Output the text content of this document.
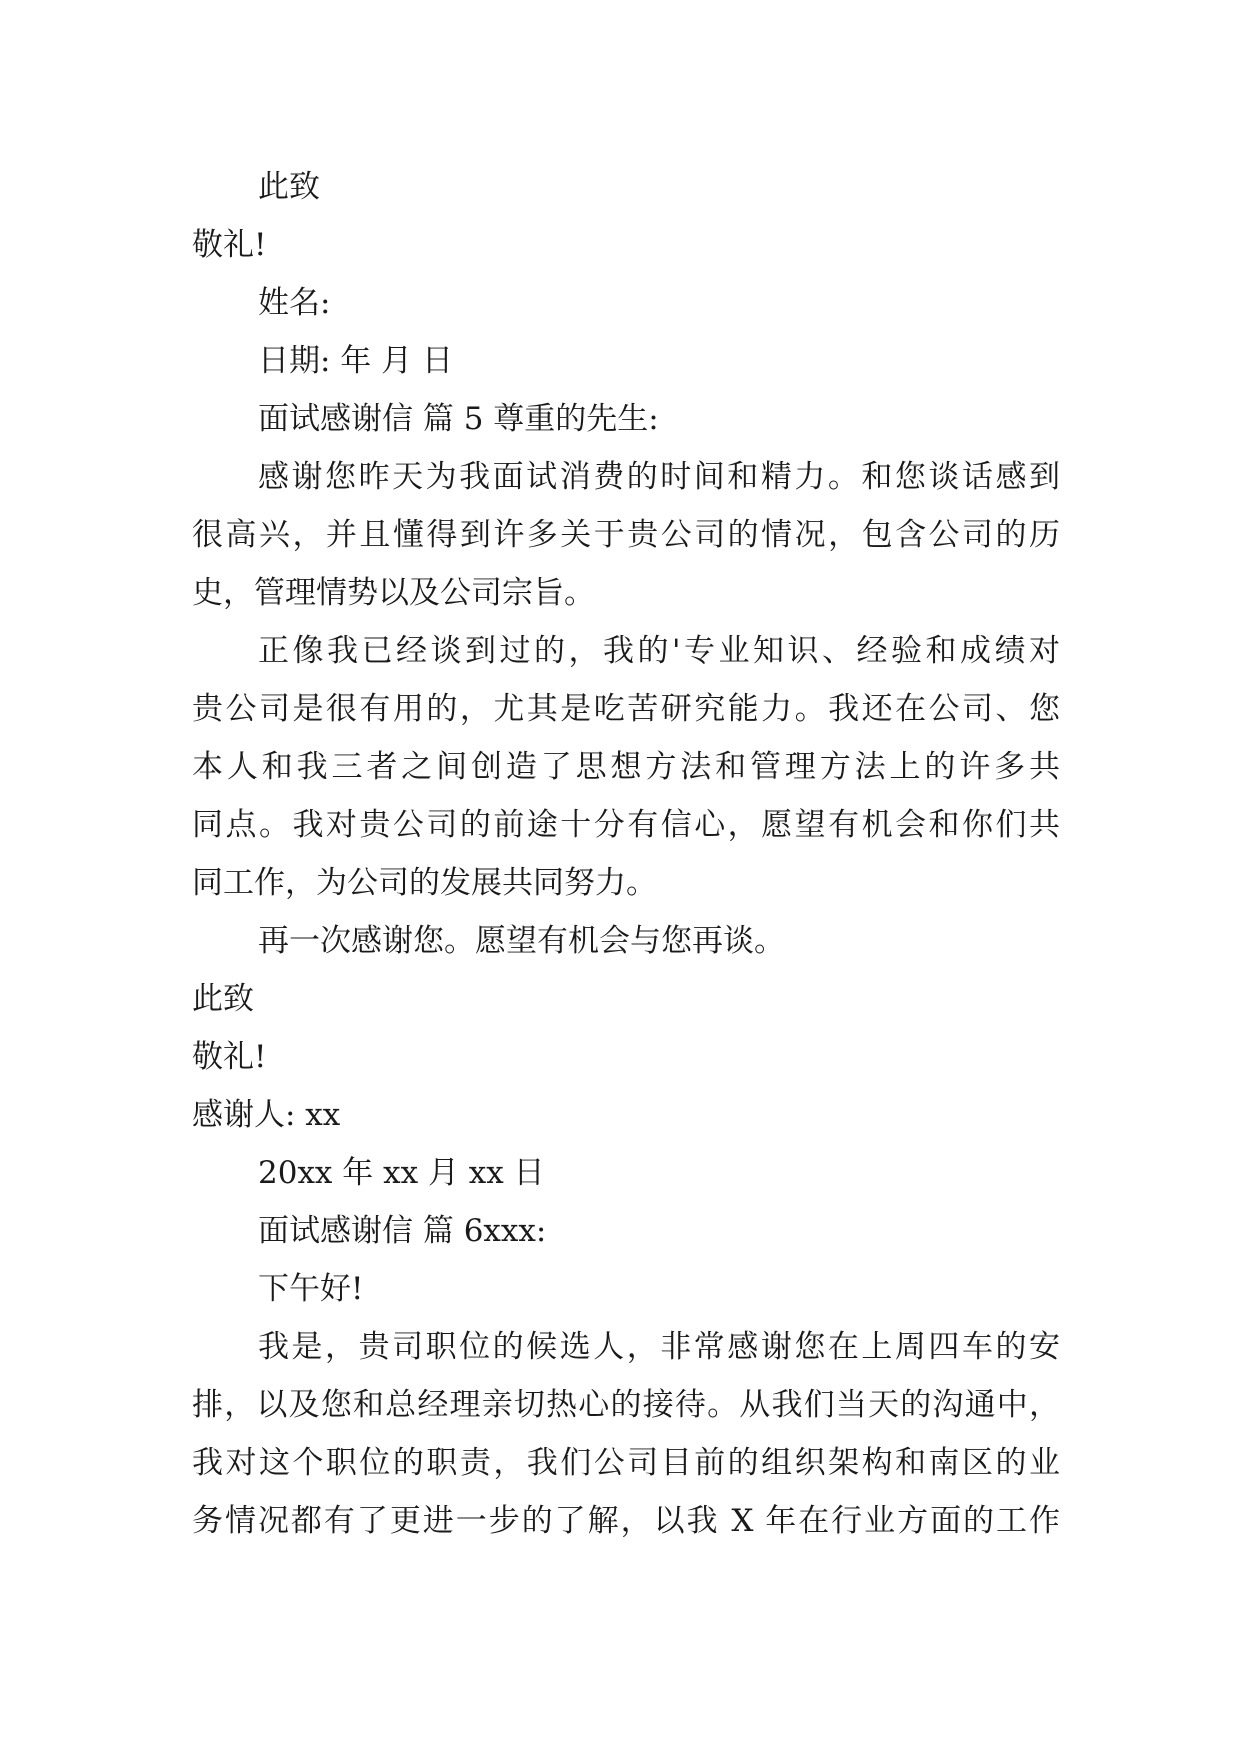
此致
敬礼!
姓名:
日期: 年 月 日
面试感谢信 篇 5 尊重的先生:
感谢您昨天为我面试消费的时间和精力。和您谈话感到
很高兴，并且懂得到许多关于贵公司的情况，包含公司的历
史，管理情势以及公司宗旨。
正像我已经谈到过的，我的'专业知识、经验和成绩对
贵公司是很有用的，尤其是吃苦研究能力。我还在公司、您
本人和我三者之间创造了思想方法和管理方法上的许多共
同点。我对贵公司的前途十分有信心，愿望有机会和你们共
同工作，为公司的发展共同努力。
再一次感谢您。愿望有机会与您再谈。
此致
敬礼!
感谢人: xx
20xx 年 xx 月 xx 日
面试感谢信 篇 6xxx:
下午好!
我是，贵司职位的候选人，非常感谢您在上周四车的安
排，以及您和总经理亲切热心的接待。从我们当天的沟通中，
我对这个职位的职责，我们公司目前的组织架构和南区的业
务情况都有了更进一步的了解，以我 X 年在行业方面的工作
